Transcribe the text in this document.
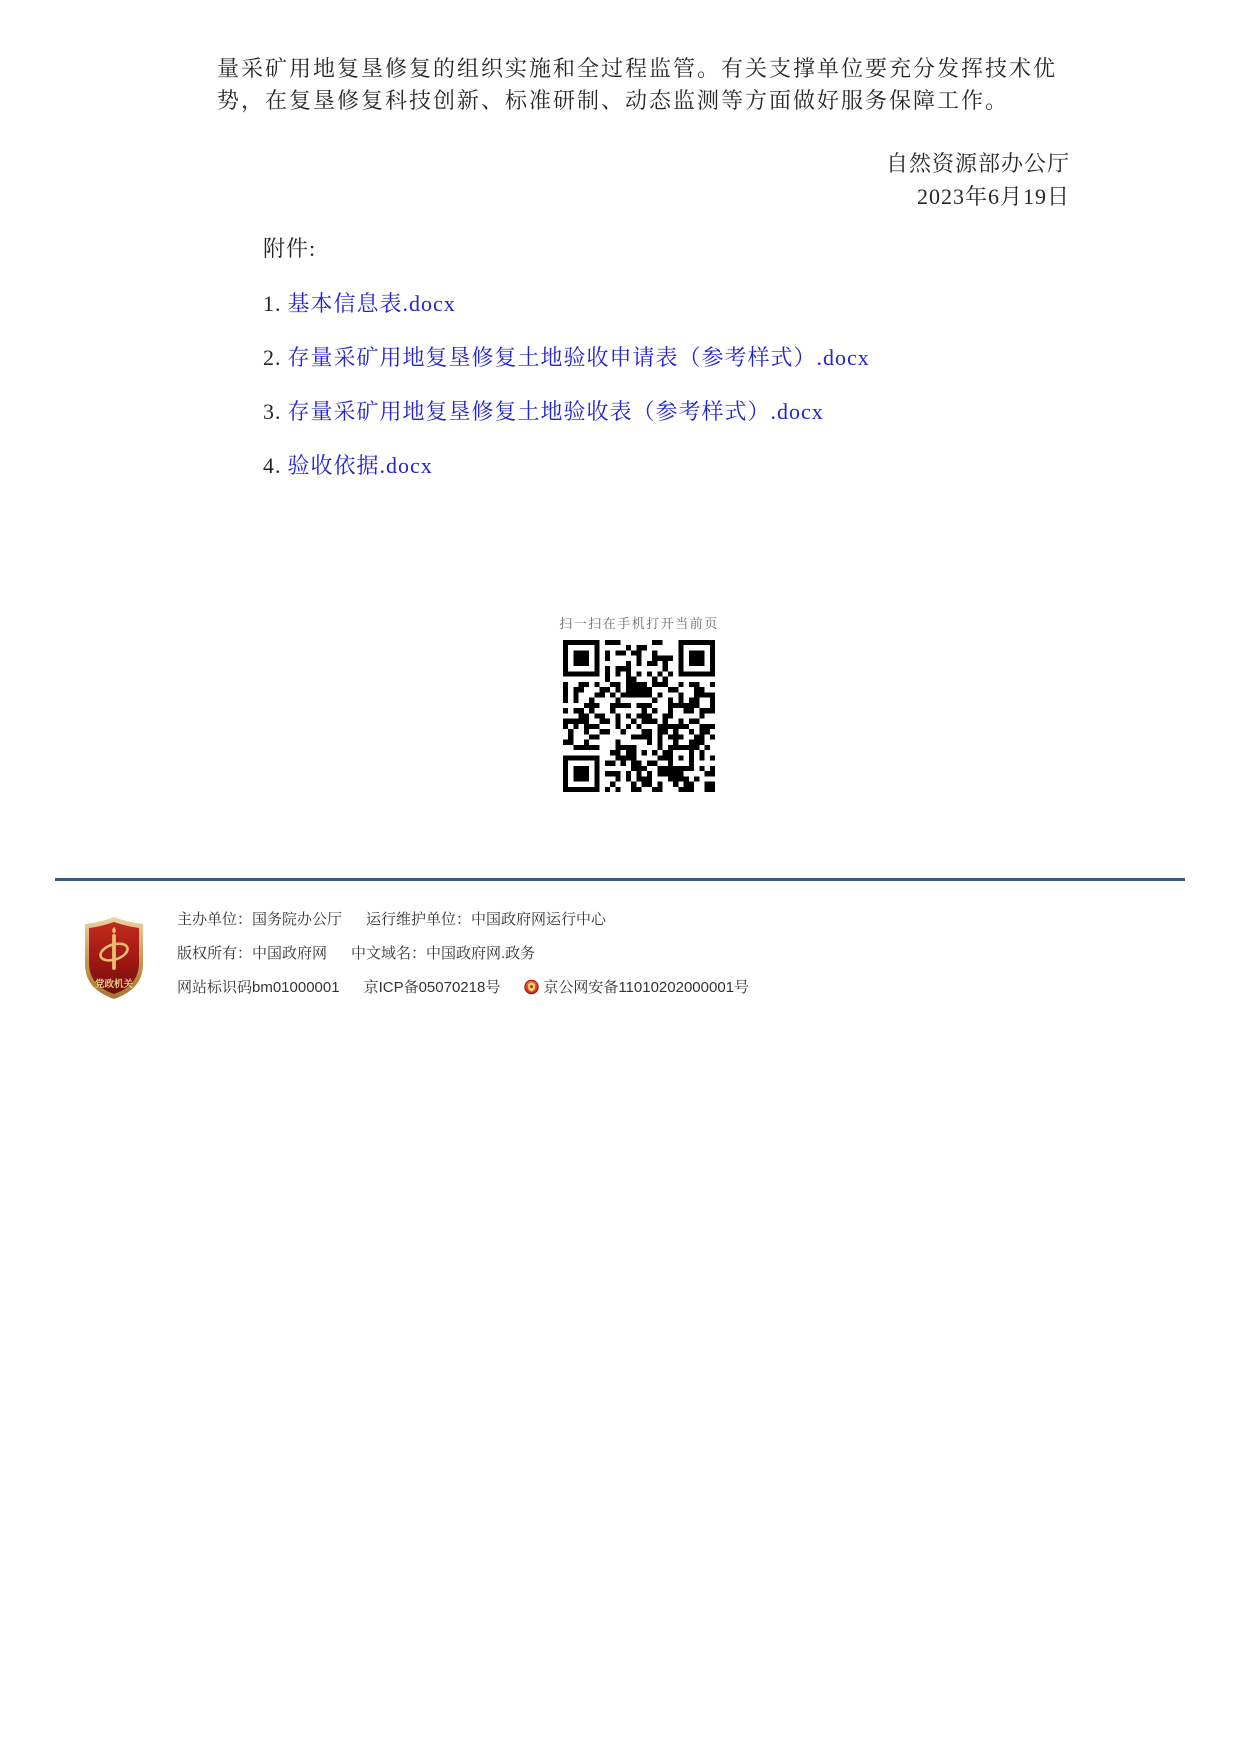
量采矿用地复垦修复的组织实施和全过程监管。有关支撑单位要充分发挥技术优势，在复垦修复科技创新、标准研制、动态监测等方面做好服务保障工作。

自然资源部办公厅
2023年6月19日
附件:
1. 基本信息表.docx
2. 存量采矿用地复垦修复土地验收申请表（参考样式）.docx
3. 存量采矿用地复垦修复土地验收表（参考样式）.docx
4. 验收依据.docx
扫一扫在手机打开当前页
党政机关
主办单位：国务院办公厅 运行维护单位：中国政府网运行中心
版权所有：中国政府网 中文域名：中国政府网.政务
网站标识码bm01000001 京ICP备05070218号	京公网安备11010202000001号
